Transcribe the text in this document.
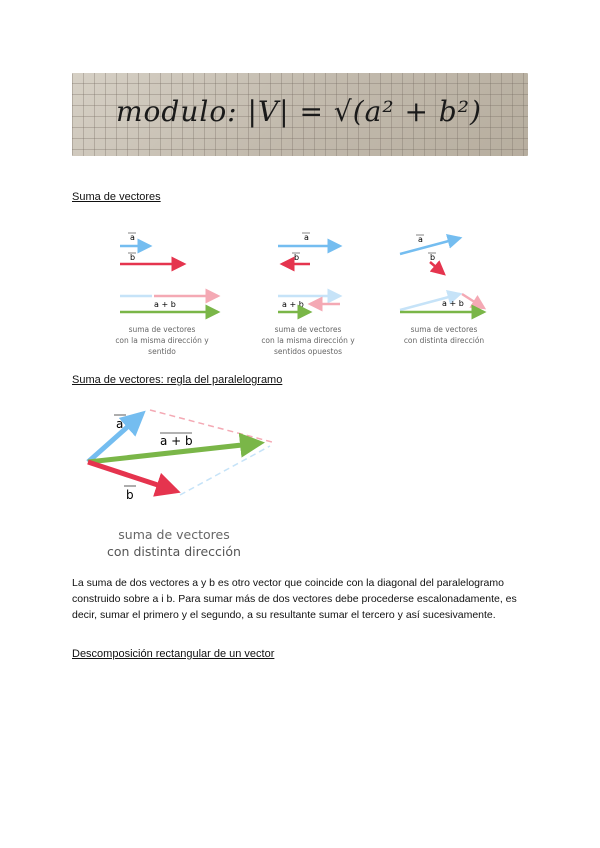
modulo: |V| = √(a² + b²)
Suma de vectores
a
b
a + b
suma de vectores
con la misma dirección y
sentido
a
b
a + b
suma de vectores
con la misma dirección y
sentidos opuestos
a
b
a + b
suma de vectores
con distinta dirección
Suma de vectores: regla del paralelogramo
a
a + b
b
suma de vectores
con distinta dirección
La suma de dos vectores a y b es otro vector que coincide con la diagonal del paralelogramo construido sobre a i b. Para sumar más de dos vectores debe procederse escalonadamente, es decir, sumar el primero y el segundo, a su resultante sumar el tercero y así sucesivamente.
Descomposición rectangular de un vector
